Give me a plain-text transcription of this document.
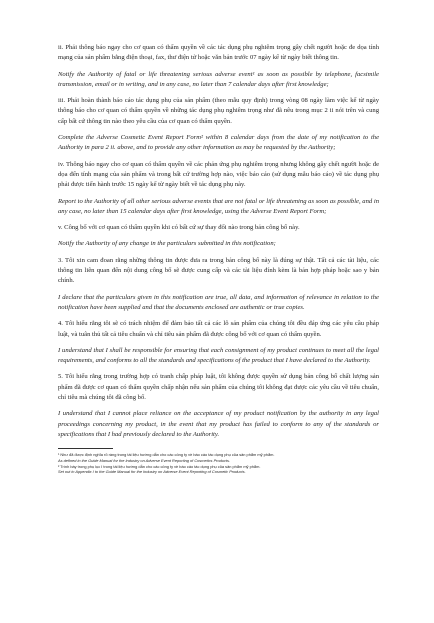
ii. Phải thông báo ngay cho cơ quan có thẩm quyền về các tác dụng phụ nghiêm trọng gây chết người hoặc đe dọa tính mạng của sản phẩm bằng điện thoại, fax, thư điện tử hoặc văn bản trước 07 ngày kể từ ngày biết thông tin.

Notify the Authority of fatal or life threatening serious adverse event¹ as soon as possible by telephone, facsimile transmission, email or in writing, and in any case, no later than 7 calendar days after first knowledge;

iii. Phải hoàn thành báo cáo tác dụng phụ của sản phẩm (theo mẫu quy định) trong vòng 08 ngày làm việc kể từ ngày thông báo cho cơ quan có thẩm quyền về những tác dụng phụ nghiêm trọng như đã nêu trong mục 2 ii nói trên và cung cấp bất cứ thông tin nào theo yêu cầu của cơ quan có thẩm quyền.

Complete the Adverse Cosmetic Event Report Form² within 8 calendar days from the date of my notification to the Authority in para 2 ii. above, and to provide any other information as may be requested by the Authority;

iv. Thông báo ngay cho cơ quan có thẩm quyền về các phản ứng phụ nghiêm trọng nhưng không gây chết người hoặc đe dọa đến tính mạng của sản phẩm và trong bất cứ trường hợp nào, việc báo cáo (sử dụng mẫu báo cáo) về tác dụng phụ phải được tiến hành trước 15 ngày kể từ ngày biết về tác dụng phụ này.

Report to the Authority of all other serious adverse events that are not fatal or life threatening as soon as possible, and in any case, no later than 15 calendar days after first knowledge, using the Adverse Event Report Form;

v. Công bố với cơ quan có thẩm quyền khi có bất cứ sự thay đổi nào trong bản công bố này.

Notify the Authority of any change in the particulars submitted in this notification;

3. Tôi xin cam đoan rằng những thông tin được đưa ra trong bản công bố này là đúng sự thật. Tất cả các tài liệu, các thông tin liên quan đến nội dung công bố sẽ được cung cấp và các tài liệu đính kèm là bản hợp pháp hoặc sao y bản chính.

I declare that the particulars given in this notification are true, all data, and information of relevance in relation to the notification have been supplied and that the documents enclosed are authentic or true copies.

4. Tôi hiểu rằng tôi sẽ có trách nhiệm để đảm bảo tất cả các lô sản phẩm của chúng tôi đều đáp ứng các yêu cầu pháp luật, và tuân thủ tất cả tiêu chuẩn và chỉ tiêu sản phẩm đã được công bố với cơ quan có thẩm quyền.

I understand that I shall be responsible for ensuring that each consignment of my product continues to meet all the legal requirements, and conforms to all the standards and specifications of the product that I have declared to the Authority.

5. Tôi hiểu rằng trong trường hợp có tranh chấp pháp luật, tôi không được quyền sử dụng bản công bố chất lượng sản phẩm đã được cơ quan có thẩm quyền chấp nhận nếu sản phẩm của chúng tôi không đạt được các yêu cầu về tiêu chuẩn, chỉ tiêu mà chúng tôi đã công bố.

I understand that I cannot place reliance on the acceptance of my product notification by the authority in any legal proceedings concerning my product, in the event that my product has failed to conform to any of the standards or specifications that I had previously declared to the Authority.

¹ Như đã được định nghĩa rõ ràng trong tài liệu hướng dẫn cho các công ty về báo cáo tác dụng phụ của sản phẩm mỹ phẩm.

As defined in the Guide Manual for the Industry on Adverse Event Reporting of Cosmetics Products.

² Trình bày trong phụ lục I trong tài liệu hướng dẫn cho các công ty về báo cáo tác dụng phụ của sản phẩm mỹ phẩm.

Set out in Appendix I to the Guide Manual for the Industry on Adverse Event Reporting of Cosmetic Products.
